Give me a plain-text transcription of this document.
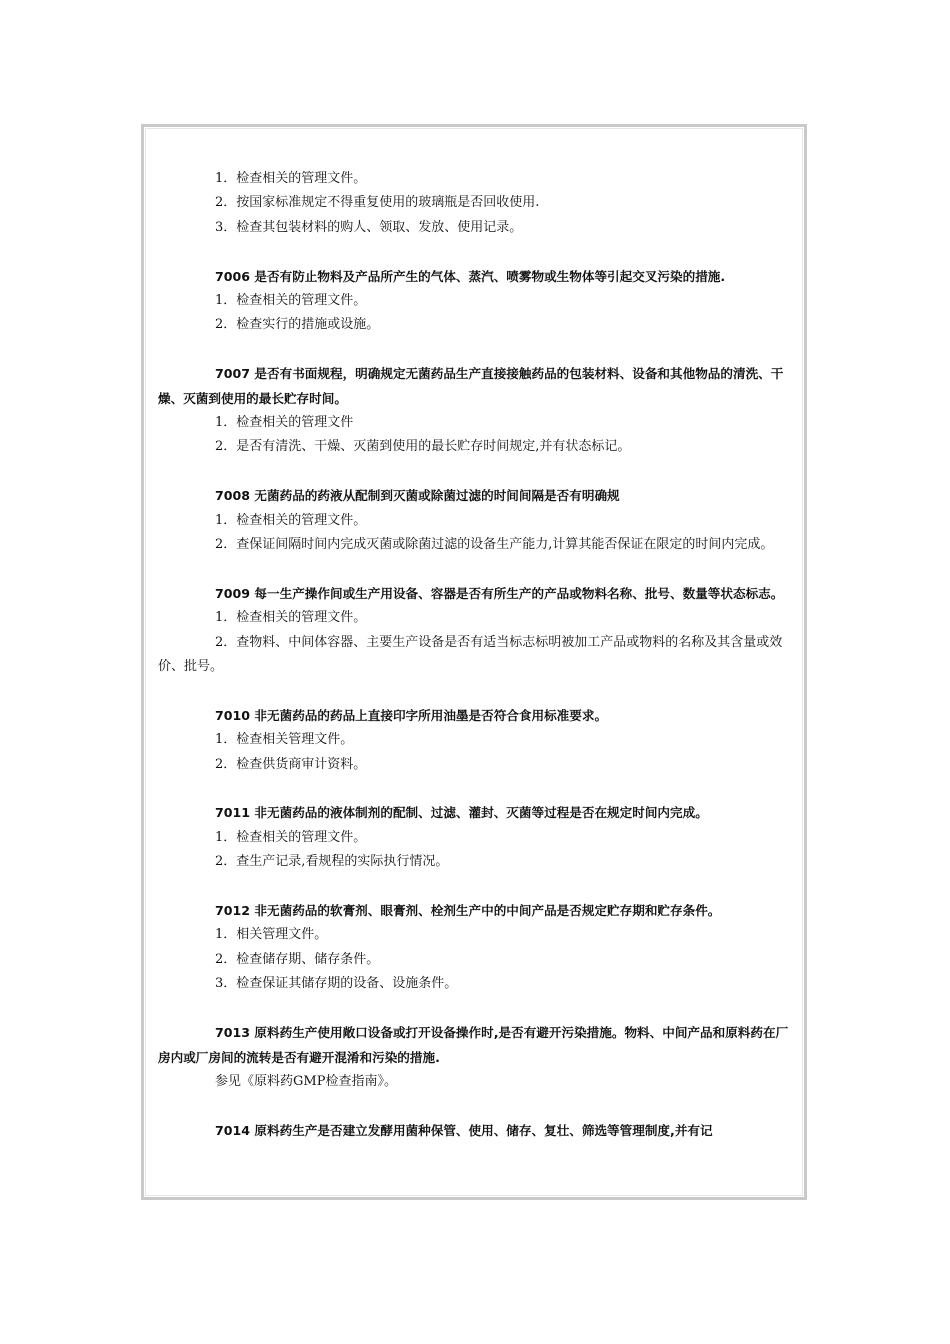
1．检查相关的管理文件。
2．按国家标准规定不得重复使用的玻璃瓶是否回收使用.
3．检查其包装材料的购人、领取、发放、使用记录。
7006 是否有防止物料及产品所产生的气体、蒸汽、喷雾物或生物体等引起交叉污染的措施.
1．检查相关的管理文件。
2．检查实行的措施或设施。
7007 是否有书面规程，明确规定无菌药品生产直接接触药品的包装材料、设备和其他物品的清洗、干燥、灭菌到使用的最长贮存时间。
1．检查相关的管理文件
2．是否有清洗、干燥、灭菌到使用的最长贮存时间规定,并有状态标记。
7008 无菌药品的药液从配制到灭菌或除菌过滤的时间间隔是否有明确规
1．检查相关的管理文件。
2．查保证间隔时间内完成灭菌或除菌过滤的设备生产能力,计算其能否保证在限定的时间内完成。
7009 每一生产操作间或生产用设备、容器是否有所生产的产品或物料名称、批号、数量等状态标志。
1．检查相关的管理文件。
2．查物料、中间体容器、主要生产设备是否有适当标志标明被加工产品或物料的名称及其含量或效价、批号。
7010 非无菌药品的药品上直接印字所用油墨是否符合食用标准要求。
1．检查相关管理文件。
2．检查供货商审计资料。
7011 非无菌药品的液体制剂的配制、过滤、灌封、灭菌等过程是否在规定时间内完成。
1．检查相关的管理文件。
2．查生产记录,看规程的实际执行情况。
7012 非无菌药品的软膏剂、眼膏剂、栓剂生产中的中间产品是否规定贮存期和贮存条件。
1．相关管理文件。
2．检查储存期、储存条件。
3．检查保证其储存期的设备、设施条件。
7013 原料药生产使用敞口设备或打开设备操作时,是否有避开污染措施。物料、中间产品和原料药在厂房内或厂房间的流转是否有避开混淆和污染的措施.
参见《原料药GMP检查指南》。
7014 原料药生产是否建立发酵用菌种保管、使用、储存、复壮、筛选等管理制度,并有记
